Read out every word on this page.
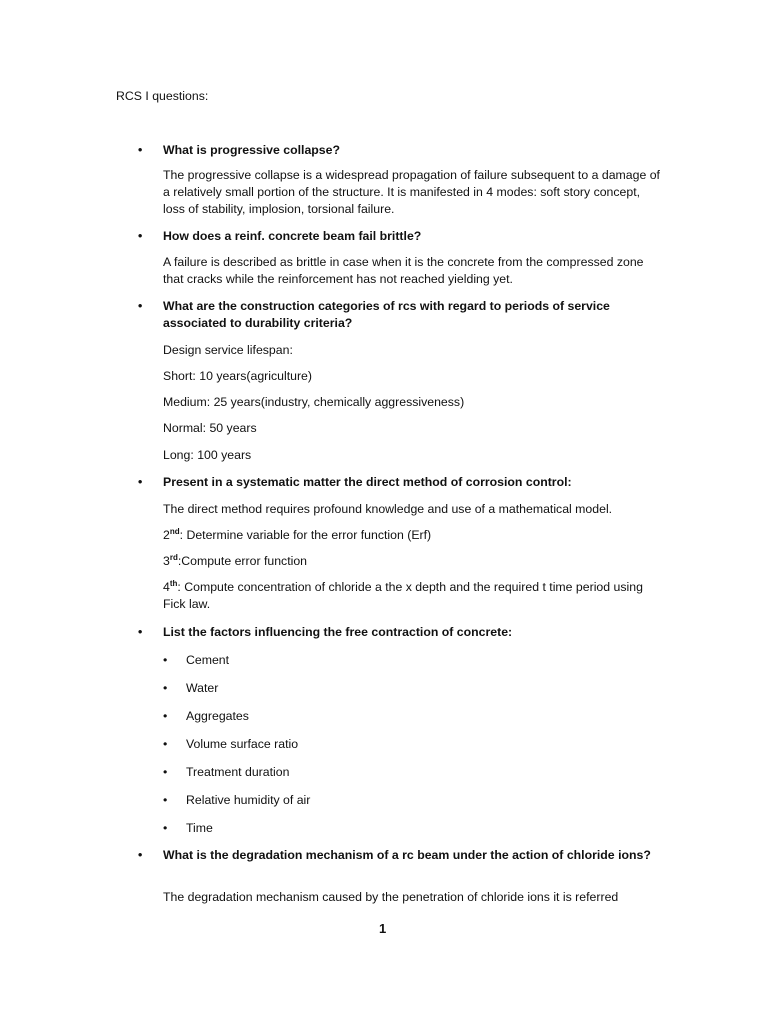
RCS I questions:
• What is progressive collapse?

The progressive collapse is a widespread propagation of failure subsequent to a damage of a relatively small portion of the structure. It is manifested in 4 modes: soft story concept, loss of stability, implosion, torsional failure.

• How does a reinf. concrete beam fail brittle?

A failure is described as brittle in case when it is the concrete from the compressed zone that cracks while the reinforcement has not reached yielding yet.

• What are the construction categories of rcs with regard to periods of service associated to durability criteria?

Design service lifespan:

Short: 10 years(agriculture)

Medium: 25 years(industry, chemically aggressiveness)

Normal: 50 years

Long: 100 years

• Present in a systematic matter the direct method of corrosion control:

The direct method requires profound knowledge and use of a mathematical model.

2nd: Determine variable for the error function (Erf)

3rd:Compute error function

4th: Compute concentration of chloride a the x depth and the required t time period using Fick law.

• List the factors influencing the free contraction of concrete:
• Cement
• Water
• Aggregates
• Volume surface ratio
• Treatment duration
• Relative humidity of air
• Time
• What is the degradation mechanism of a rc beam under the action of chloride ions?

The degradation mechanism caused by the penetration of chloride ions it is referred

1
